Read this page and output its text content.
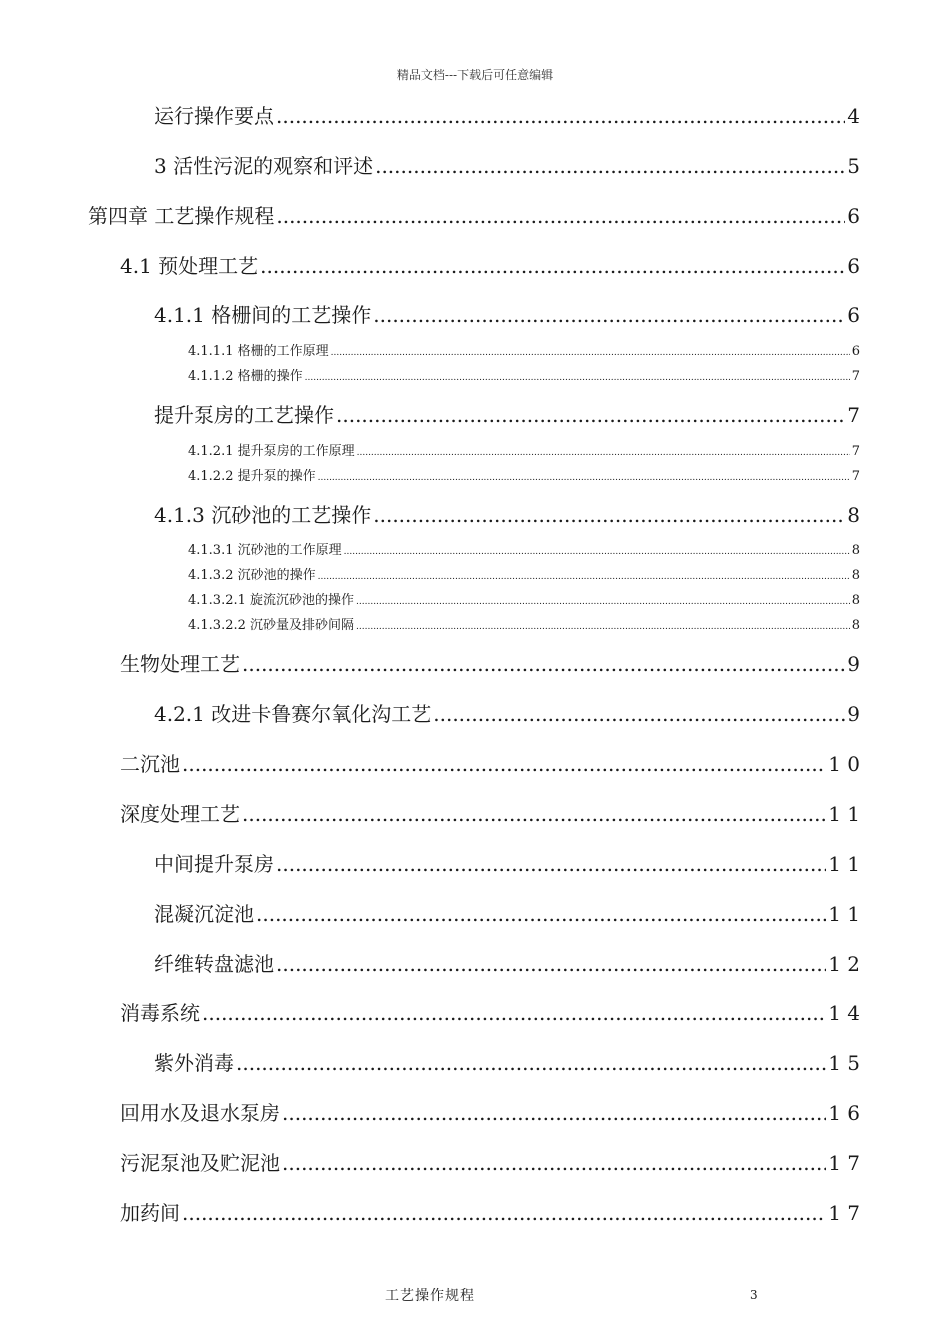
精品文档---下载后可任意编辑
运行操作要点 .....	4
3 活性污泥的观察和评述 .....	5
第四章 工艺操作规程 .....	6
4.1 预处理工艺 .....	6
4.1.1 格栅间的工艺操作 .....	6
4.1.1.1 格栅的工作原理 .....	6
4.1.1.2 格栅的操作 .....	7
提升泵房的工艺操作 .....	7
4.1.2.1 提升泵房的工作原理 .....	7
4.1.2.2 提升泵的操作 .....	7
4.1.3 沉砂池的工艺操作 .....	8
4.1.3.1 沉砂池的工作原理 .....	8
4.1.3.2 沉砂池的操作 .....	8
4.1.3.2.1 旋流沉砂池的操作 .....	8
4.1.3.2.2 沉砂量及排砂间隔 .....	8
生物处理工艺 .....	9
4.2.1 改进卡鲁赛尔氧化沟工艺 .....	9
二沉池 .....	1 0
深度处理工艺 .....	1 1
中间提升泵房 .....	1 1
混凝沉淀池 .....	1 1
纤维转盘滤池 .....	1 2
消毒系统 .....	1 4
紫外消毒 .....	1 5
回用水及退水泵房 .....	1 6
污泥泵池及贮泥池 .....	1 7
加药间 .....	1 7
工艺操作规程	3
